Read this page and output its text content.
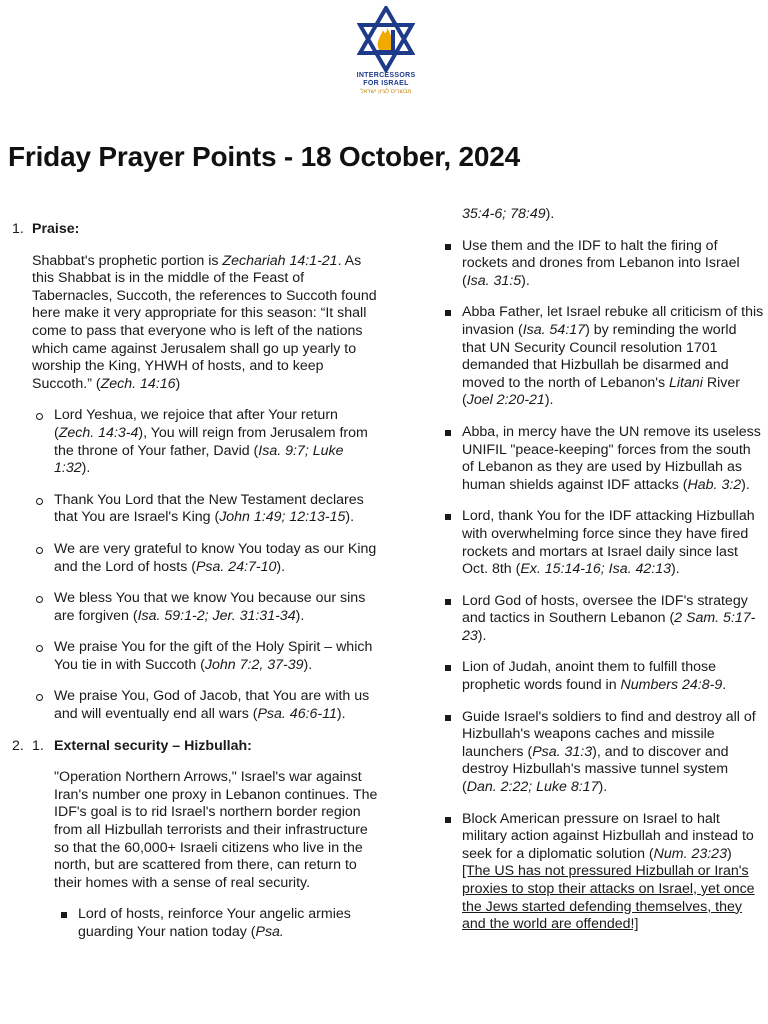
INTERCESSORS
FOR ISRAEL
מבשרים לציון ישראל
Friday Prayer Points - 18 October, 2024
1. Praise:

Shabbat's prophetic portion is Zechariah 14:1-21. As this Shabbat is in the middle of the Feast of Tabernacles, Succoth, the references to Succoth found here make it very appropriate for this season: “It shall come to pass that everyone who is left of the nations which came against Jerusalem shall go up yearly to worship the King, YHWH of hosts, and to keep Succoth.” (Zech. 14:16)

Lord Yeshua, we rejoice that after Your return (Zech. 14:3-4), You will reign from Jerusalem from the throne of Your father, David (Isa. 9:7; Luke 1:32).
Thank You Lord that the New Testament declares that You are Israel's King (John 1:49; 12:13-15).
We are very grateful to know You today as our King and the Lord of hosts (Psa. 24:7-10).
We bless You that we know You because our sins are forgiven (Isa. 59:1-2; Jer. 31:31-34).
We praise You for the gift of the Holy Spirit – which You tie in with Succoth (John 7:2, 37-39).
We praise You, God of Jacob, that You are with us and will eventually end all wars (Psa. 46:6-11).
2. 1. External security – Hizbullah:

"Operation Northern Arrows," Israel's war against Iran's number one proxy in Lebanon continues. The IDF's goal is to rid Israel's northern border region from all Hizbullah terrorists and their infrastructure so that the 60,000+ Israeli citizens who live in the north, but are scattered from there, can return to their homes with a sense of real security.

Lord of hosts, reinforce Your angelic armies guarding Your nation today (Psa.
35:4-6; 78:49).
Use them and the IDF to halt the firing of rockets and drones from Lebanon into Israel (Isa. 31:5).
Abba Father, let Israel rebuke all criticism of this invasion (Isa. 54:17) by reminding the world that UN Security Council resolution 1701 demanded that Hizbullah be disarmed and moved to the north of Lebanon's Litani River (Joel 2:20-21).
Abba, in mercy have the UN remove its useless UNIFIL "peace-keeping" forces from the south of Lebanon as they are used by Hizbullah as human shields against IDF attacks (Hab. 3:2).
Lord, thank You for the IDF attacking Hizbullah with overwhelming force since they have fired rockets and mortars at Israel daily since last Oct. 8th (Ex. 15:14-16; Isa. 42:13).
Lord God of hosts, oversee the IDF's strategy and tactics in Southern Lebanon (2 Sam. 5:17-23).
Lion of Judah, anoint them to fulfill those prophetic words found in Numbers 24:8-9.
Guide Israel's soldiers to find and destroy all of Hizbullah's weapons caches and missile launchers (Psa. 31:3), and to discover and destroy Hizbullah's massive tunnel system (Dan. 2:22; Luke 8:17).
Block American pressure on Israel to halt military action against Hizbullah and instead to seek for a diplomatic solution (Num. 23:23) [The US has not pressured Hizbullah or Iran's proxies to stop their attacks on Israel, yet once the Jews started defending themselves, they and the world are offended!]
